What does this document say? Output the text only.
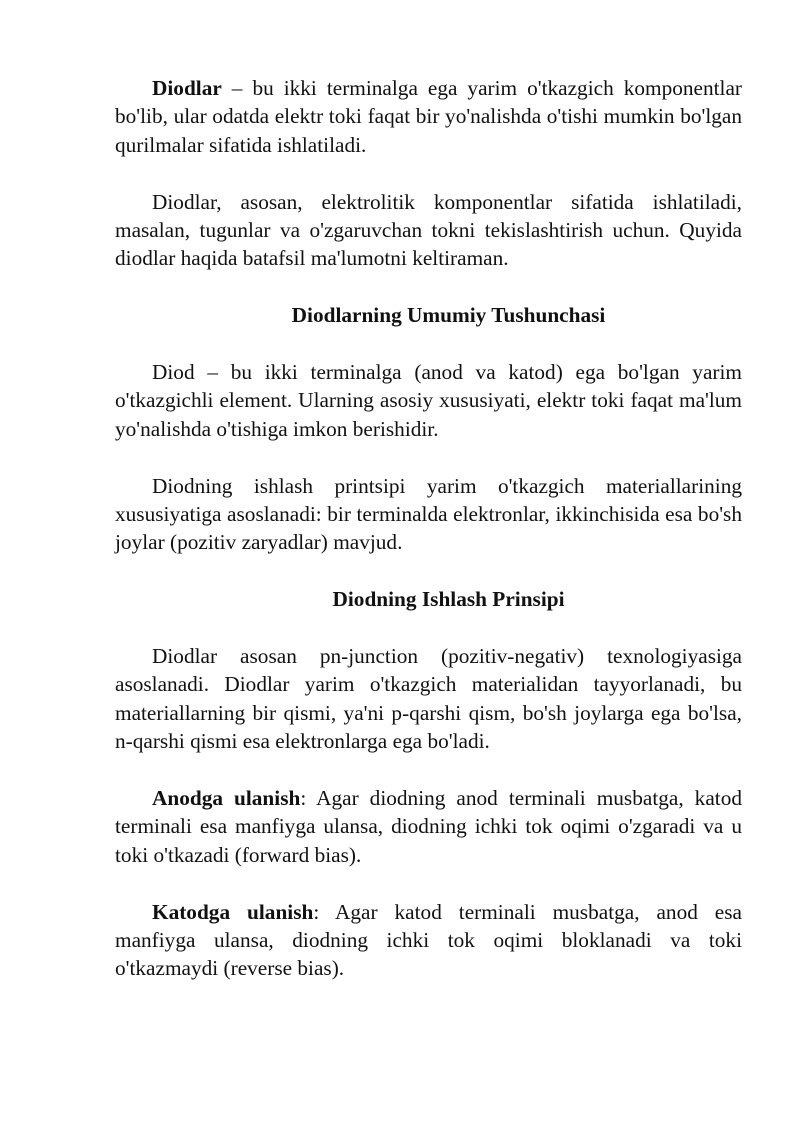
Diodlar – bu ikki terminalga ega yarim o'tkazgich komponentlar bo'lib, ular odatda elektr toki faqat bir yo'nalishda o'tishi mumkin bo'lgan qurilmalar sifatida ishlatiladi.

Diodlar, asosan, elektrolitik komponentlar sifatida ishlatiladi, masalan, tugunlar va o'zgaruvchan tokni tekislashtirish uchun. Quyida diodlar haqida batafsil ma'lumotni keltiraman.

Diodlarning Umumiy Tushunchasi

Diod – bu ikki terminalga (anod va katod) ega bo'lgan yarim o'tkazgichli element. Ularning asosiy xususiyati, elektr toki faqat ma'lum yo'nalishda o'tishiga imkon berishidir.

Diodning ishlash printsipi yarim o'tkazgich materiallarining xususiyatiga asoslanadi: bir terminalda elektronlar, ikkinchisida esa bo'sh joylar (pozitiv zaryadlar) mavjud.

Diodning Ishlash Prinsipi

Diodlar asosan pn-junction (pozitiv-negativ) texnologiyasiga asoslanadi. Diodlar yarim o'tkazgich materialidan tayyorlanadi, bu materiallarning bir qismi, ya'ni p-qarshi qism, bo'sh joylarga ega bo'lsa, n-qarshi qismi esa elektronlarga ega bo'ladi.

Anodga ulanish: Agar diodning anod terminali musbatga, katod terminali esa manfiyga ulansa, diodning ichki tok oqimi o'zgaradi va u toki o'tkazadi (forward bias).

Katodga ulanish: Agar katod terminali musbatga, anod esa manfiyga ulansa, diodning ichki tok oqimi bloklanadi va toki o'tkazmaydi (reverse bias).
